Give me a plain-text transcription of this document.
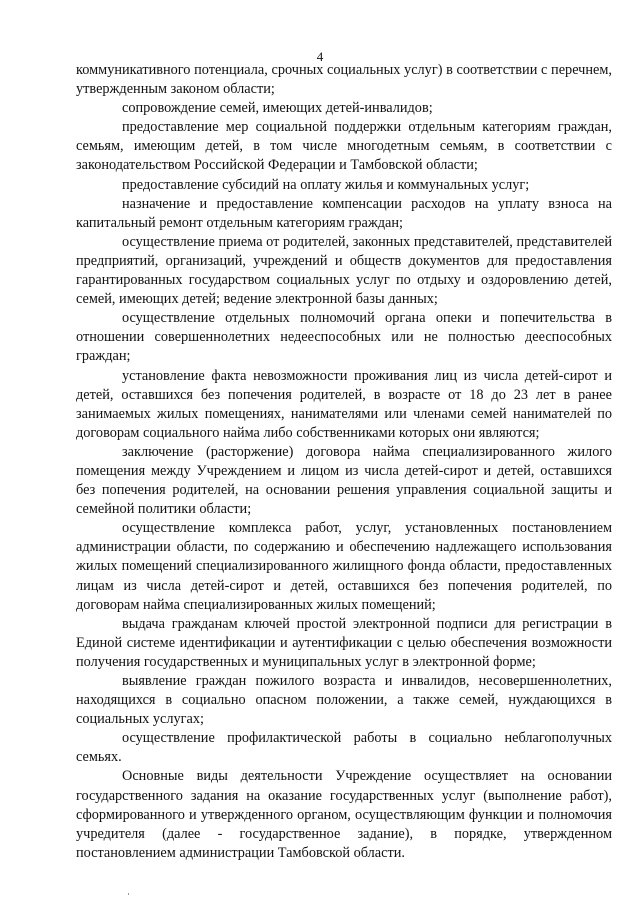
4

коммуникативного потенциала, срочных социальных услуг) в соответствии с перечнем, утвержденным законом области;

сопровождение семей, имеющих детей-инвалидов;

предоставление мер социальной поддержки отдельным категориям граждан, семьям, имеющим детей, в том числе многодетным семьям, в соответствии с законодательством Российской Федерации и Тамбовской области;

предоставление субсидий на оплату жилья и коммунальных услуг;

назначение и предоставление компенсации расходов на уплату взноса на капитальный ремонт отдельным категориям граждан;

осуществление приема от родителей, законных представителей, представителей предприятий, организаций, учреждений и обществ документов для предоставления гарантированных государством социальных услуг по отдыху и оздоровлению детей, семей, имеющих детей; ведение электронной базы данных;

осуществление отдельных полномочий органа опеки и попечительства в отношении совершеннолетних недееспособных или не полностью дееспособных граждан;

установление факта невозможности проживания лиц из числа детей-сирот и детей, оставшихся без попечения родителей, в возрасте от 18 до 23 лет в ранее занимаемых жилых помещениях, нанимателями или членами семей нанимателей по договорам социального найма либо собственниками которых они являются;

заключение (расторжение) договора найма специализированного жилого помещения между Учреждением и лицом из числа детей-сирот и детей, оставшихся без попечения родителей, на основании решения управления социальной защиты и семейной политики области;

осуществление комплекса работ, услуг, установленных постановлением администрации области, по содержанию и обеспечению надлежащего использования жилых помещений специализированного жилищного фонда области, предоставленных лицам из числа детей-сирот и детей, оставшихся без попечения родителей, по договорам найма специализированных жилых помещений;

выдача гражданам ключей простой электронной подписи для регистрации в Единой системе идентификации и аутентификации с целью обеспечения возможности получения государственных и муниципальных услуг в электронной форме;

выявление граждан пожилого возраста и инвалидов, несовершеннолетних, находящихся в социально опасном положении, а также семей, нуждающихся в социальных услугах;

осуществление профилактической работы в социально неблагополучных семьях.

Основные виды деятельности Учреждение осуществляет на основании государственного задания на оказание государственных услуг (выполнение работ), сформированного и утвержденного органом, осуществляющим функции и полномочия учредителя (далее - государственное задание), в порядке, утвержденном постановлением администрации Тамбовской области.
